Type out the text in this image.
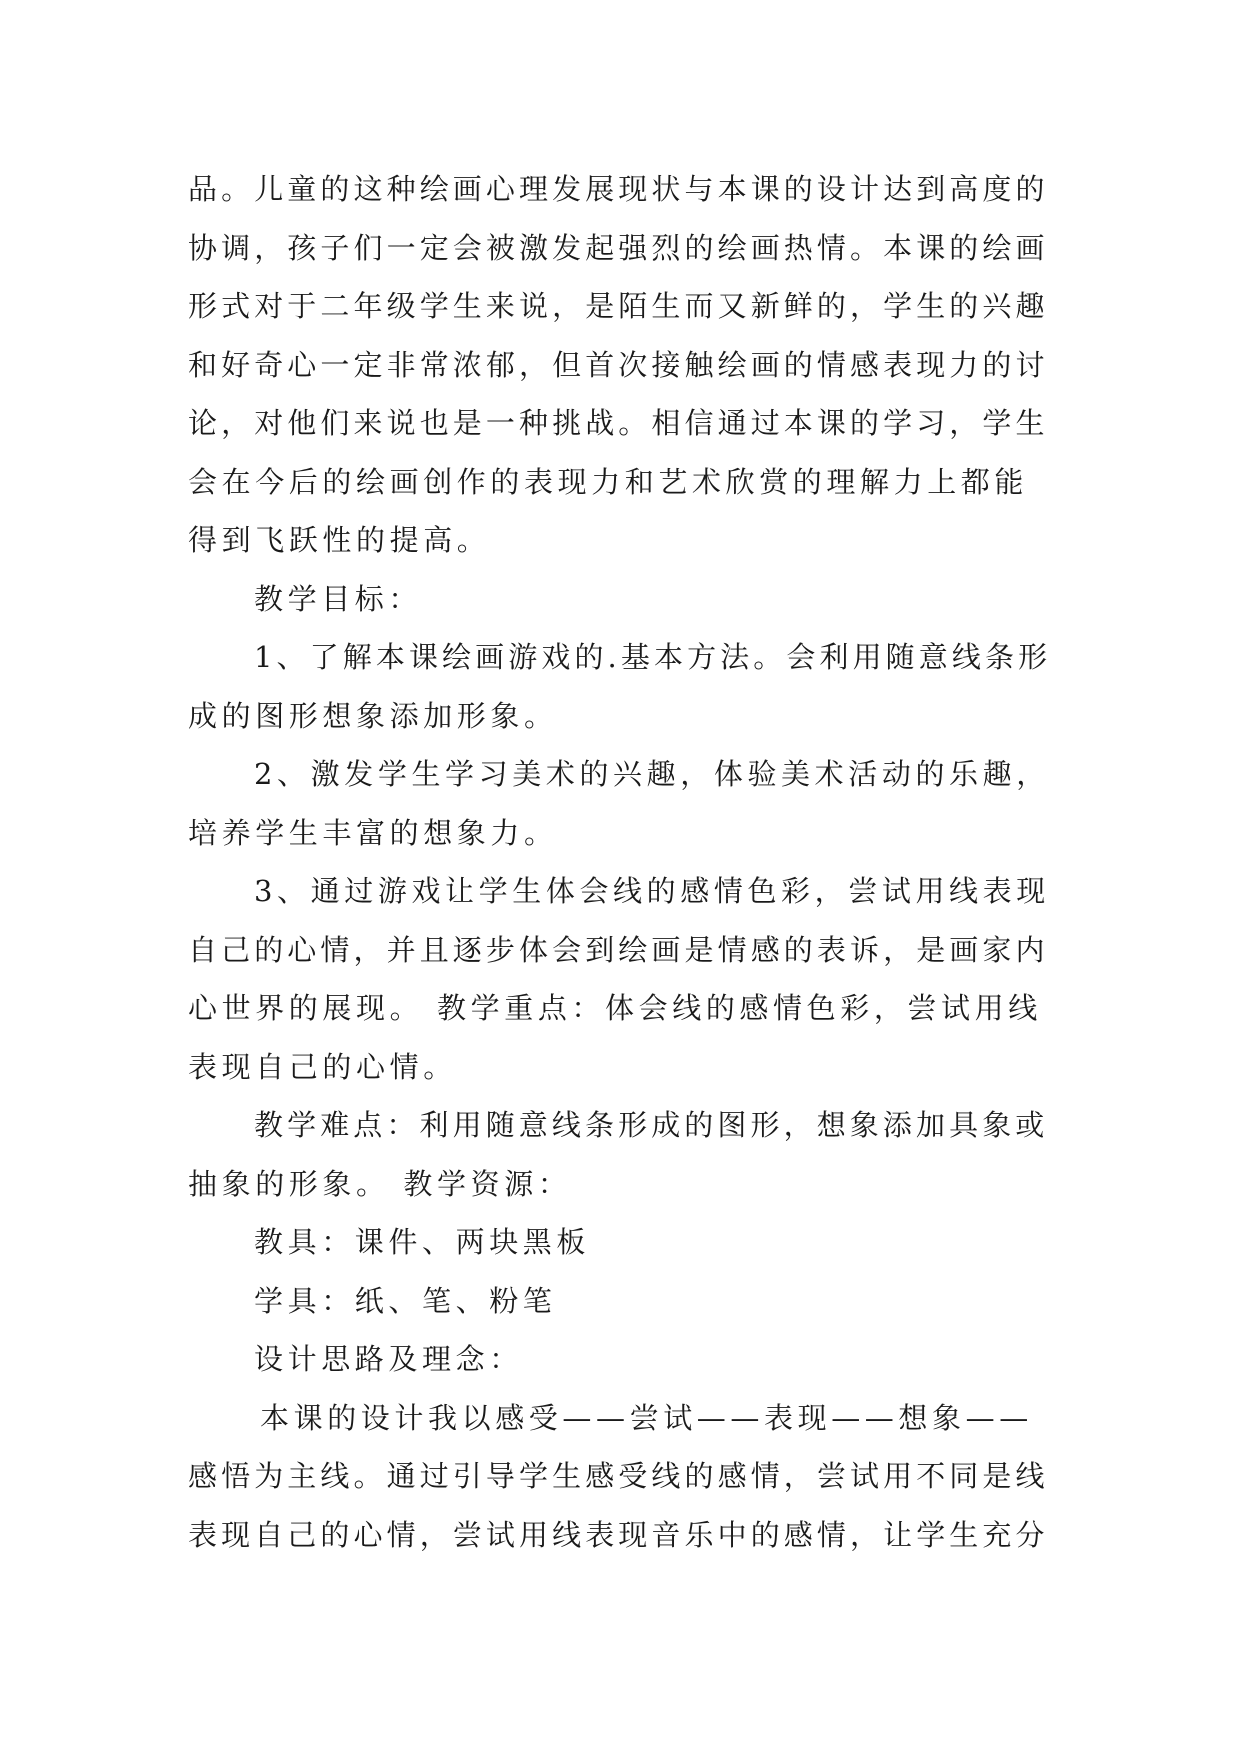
品。儿童的这种绘画心理发展现状与本课的设计达到高度的
协调，孩子们一定会被激发起强烈的绘画热情。本课的绘画
形式对于二年级学生来说，是陌生而又新鲜的，学生的兴趣
和好奇心一定非常浓郁，但首次接触绘画的情感表现力的讨
论，对他们来说也是一种挑战。相信通过本课的学习，学生
会在今后的绘画创作的表现力和艺术欣赏的理解力上都能
得到飞跃性的提高。
教学目标：
1、了解本课绘画游戏的.基本方法。会利用随意线条形
成的图形想象添加形象。
2、激发学生学习美术的兴趣，体验美术活动的乐趣，
培养学生丰富的想象力。
3、通过游戏让学生体会线的感情色彩，尝试用线表现
自己的心情，并且逐步体会到绘画是情感的表诉，是画家内
心世界的展现。 教学重点：体会线的感情色彩，尝试用线
表现自己的心情。
教学难点：利用随意线条形成的图形，想象添加具象或
抽象的形象。 教学资源：
教具：课件、两块黑板
学具：纸、笔、粉笔
设计思路及理念：
本课的设计我以感受——尝试——表现——想象——
感悟为主线。通过引导学生感受线的感情，尝试用不同是线
表现自己的心情，尝试用线表现音乐中的感情，让学生充分
